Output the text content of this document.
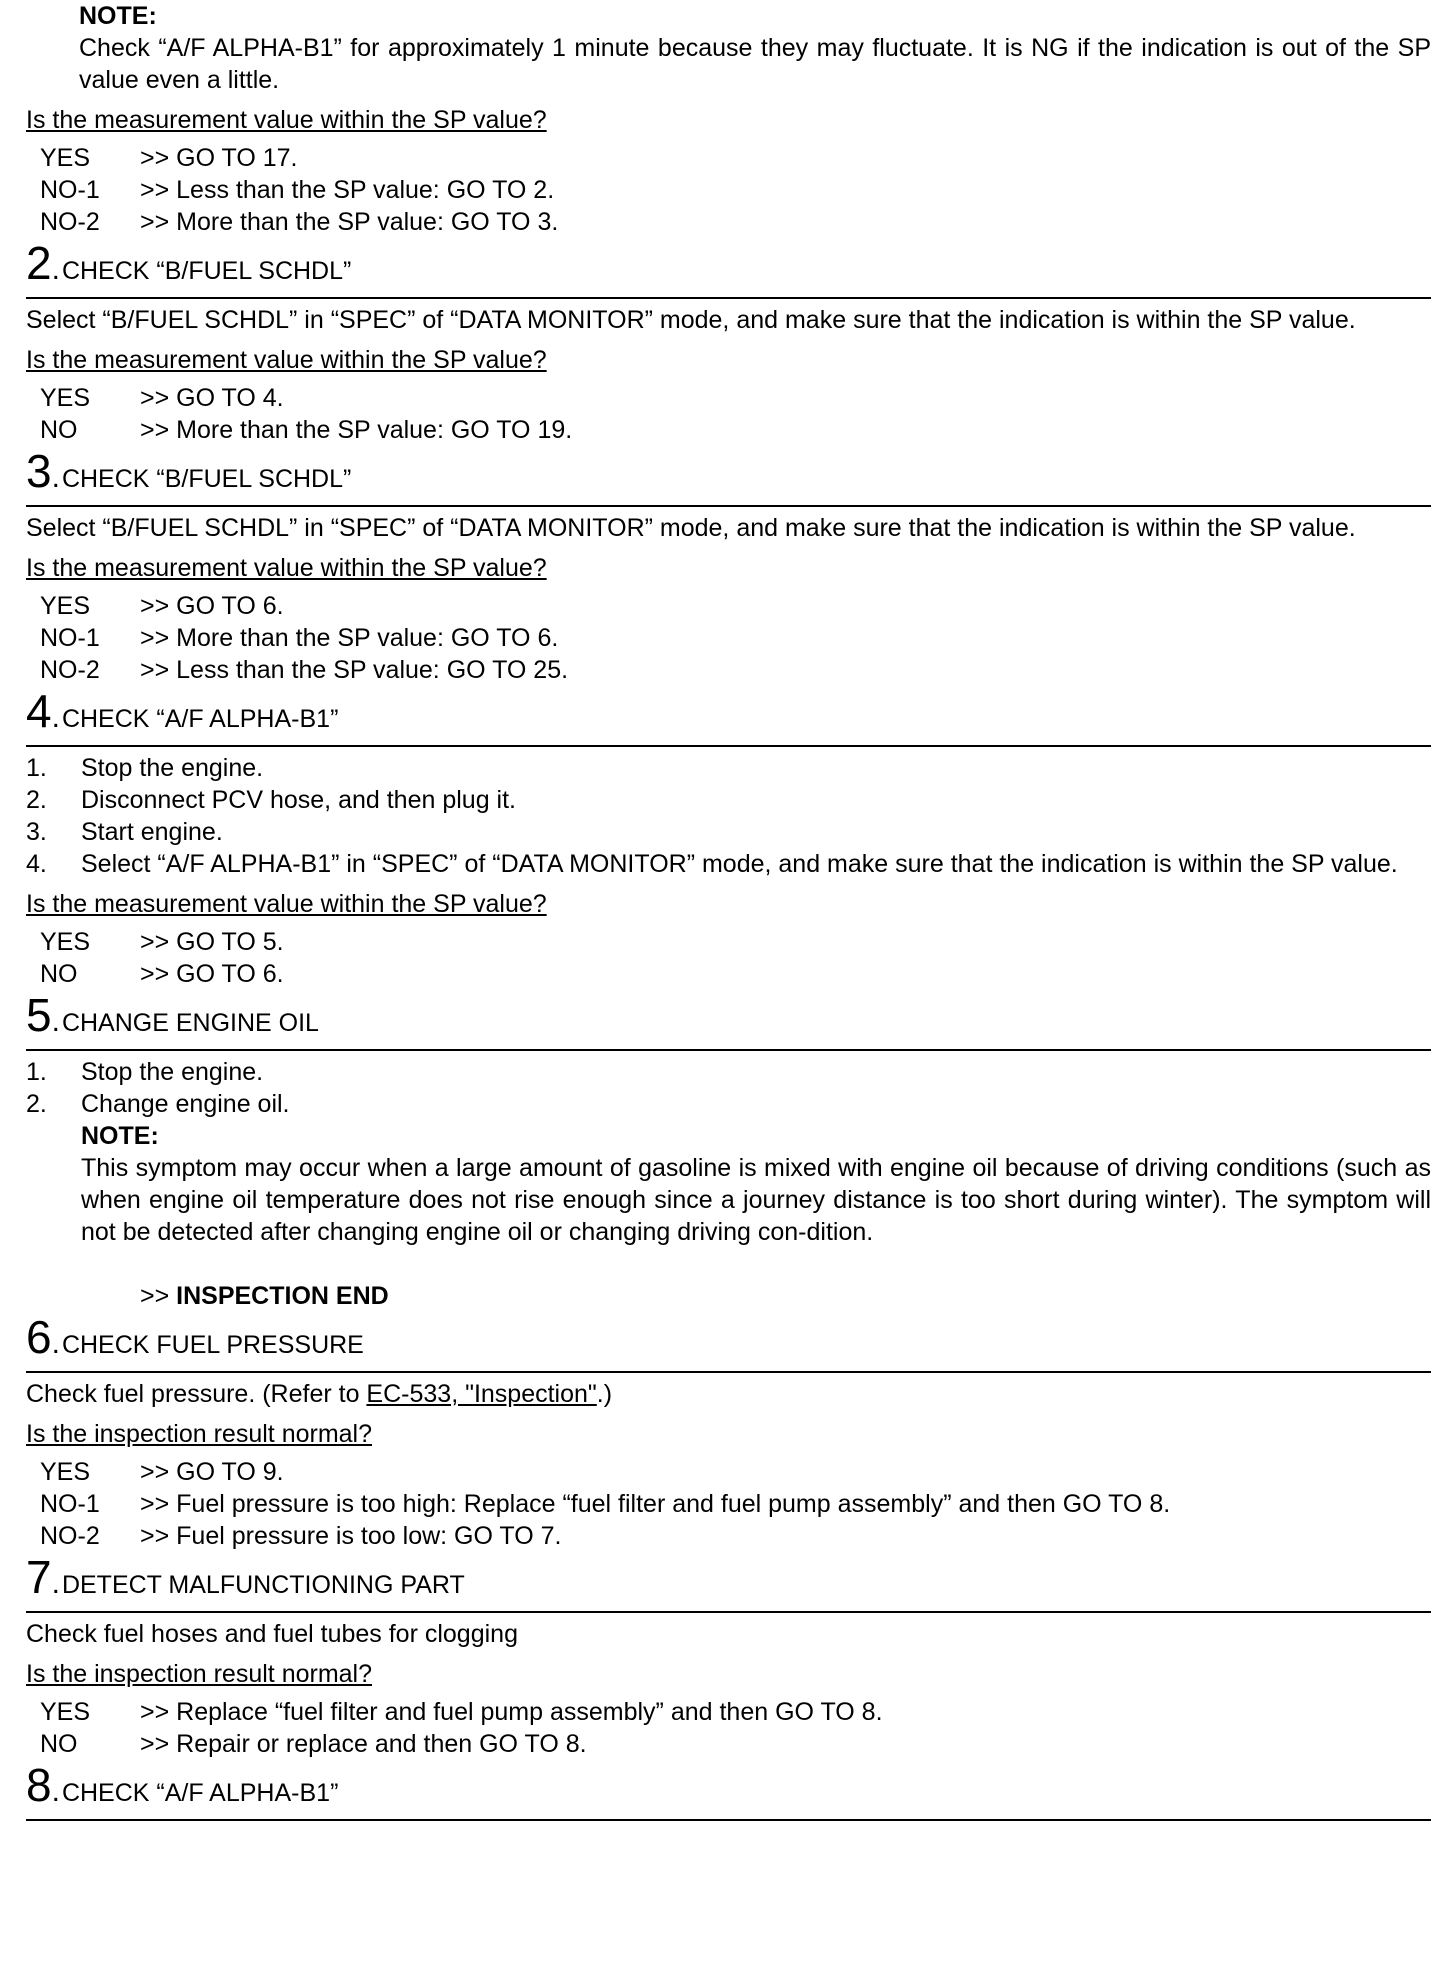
NOTE:
Check “A/F ALPHA-B1” for approximately 1 minute because they may fluctuate. It is NG if the indication is out of the SP value even a little.
Is the measurement value within the SP value?
YES	>> GO TO 17.
NO-1	>> Less than the SP value: GO TO 2.
NO-2	>> More than the SP value: GO TO 3.
2 . CHECK “B/FUEL SCHDL”
Select “B/FUEL SCHDL” in “SPEC” of “DATA MONITOR” mode, and make sure that the indication is within the SP value.
Is the measurement value within the SP value?
YES	>> GO TO 4.
NO	>> More than the SP value: GO TO 19.
3 . CHECK “B/FUEL SCHDL”
Select “B/FUEL SCHDL” in “SPEC” of “DATA MONITOR” mode, and make sure that the indication is within the SP value.
Is the measurement value within the SP value?
YES	>> GO TO 6.
NO-1	>> More than the SP value: GO TO 6.
NO-2	>> Less than the SP value: GO TO 25.
4 . CHECK “A/F ALPHA-B1”
1.	Stop the engine.
2.	Disconnect PCV hose, and then plug it.
3.	Start engine.
4.	Select “A/F ALPHA-B1” in “SPEC” of “DATA MONITOR” mode, and make sure that the indication is within the SP value.
Is the measurement value within the SP value?
YES	>> GO TO 5.
NO	>> GO TO 6.
5 . CHANGE ENGINE OIL
1.	Stop the engine.
2.	Change engine oil.
NOTE:
This symptom may occur when a large amount of gasoline is mixed with engine oil because of driving conditions (such as when engine oil temperature does not rise enough since a journey distance is too short during winter). The symptom will not be detected after changing engine oil or changing driving con-dition.
>> INSPECTION END
6 . CHECK FUEL PRESSURE
Check fuel pressure. (Refer to EC-533, "Inspection".)
Is the inspection result normal?
YES	>> GO TO 9.
NO-1	>> Fuel pressure is too high: Replace “fuel filter and fuel pump assembly” and then GO TO 8.
NO-2	>> Fuel pressure is too low: GO TO 7.
7 . DETECT MALFUNCTIONING PART
Check fuel hoses and fuel tubes for clogging
Is the inspection result normal?
YES	>> Replace “fuel filter and fuel pump assembly” and then GO TO 8.
NO	>> Repair or replace and then GO TO 8.
8 . CHECK “A/F ALPHA-B1”
